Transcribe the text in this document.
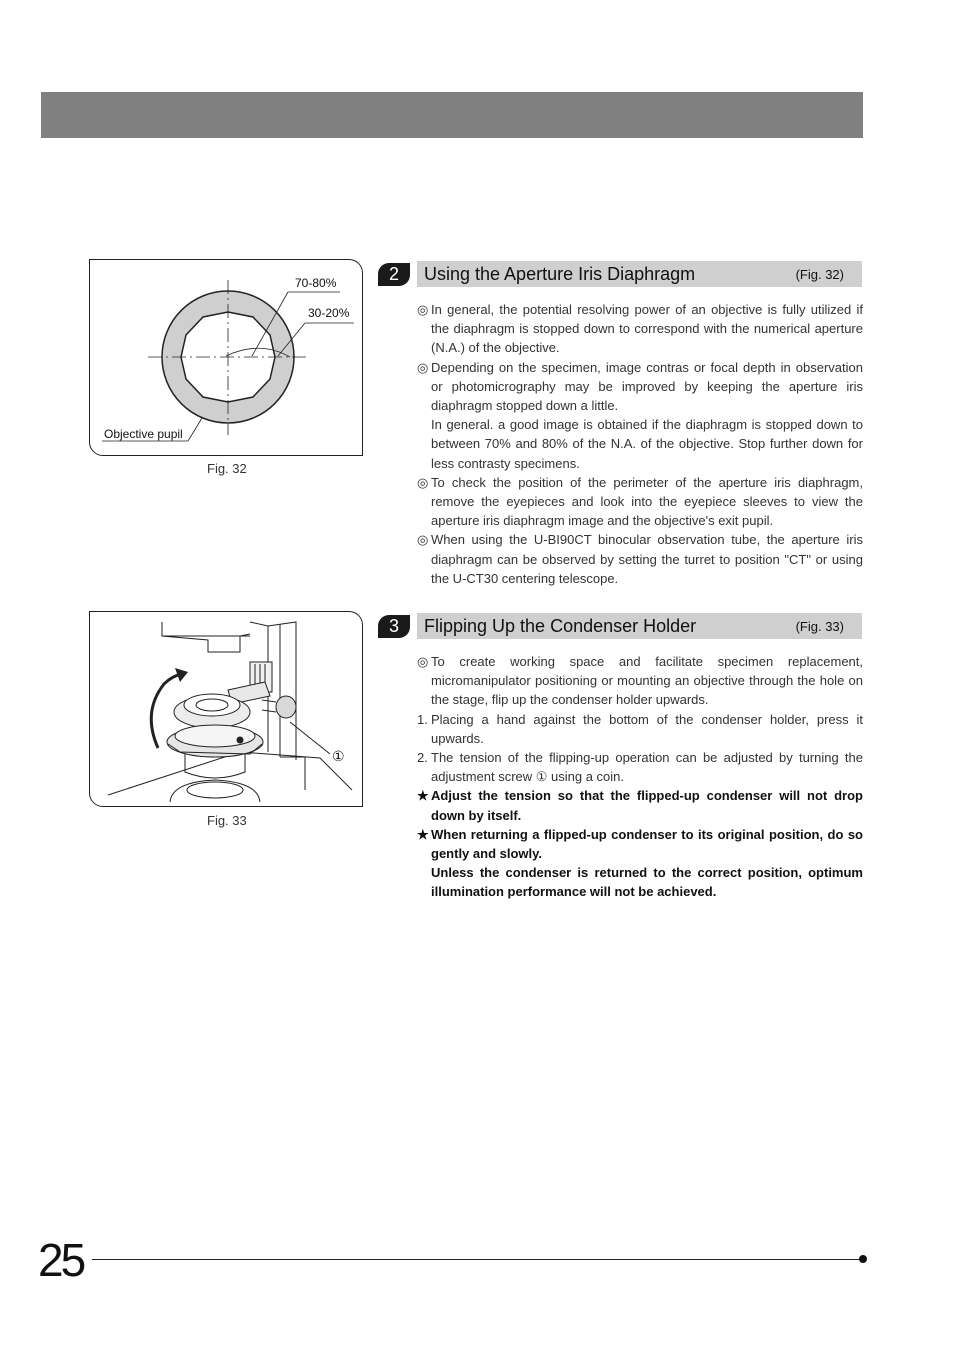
70-80%
30-20%
Objective pupil
Fig. 32
①
Fig. 33
2	Using the Aperture Iris Diaphragm	(Fig. 32)
◎ In general, the potential resolving power of an objective is fully utilized if the diaphragm is stopped down to correspond with the numerical aperture (N.A.) of the objective.
◎ Depending on the specimen, image contras or focal depth in observation or photomicrography may be improved by keeping the aperture iris diaphragm stopped down a little.
In general. a good image is obtained if the diaphragm is stopped down to between 70% and 80% of the N.A. of the objective. Stop further down for less contrasty specimens.
◎ To check the position of the perimeter of the aperture iris diaphragm, remove the eyepieces and look into the eyepiece sleeves to view the aperture iris diaphragm image and the objective's exit pupil.
◎ When using the U-BI90CT binocular observation tube, the aperture iris diaphragm can be observed by setting the turret to position "CT" or using the U-CT30 centering telescope.
3	Flipping Up the Condenser Holder	(Fig. 33)
◎ To create working space and facilitate specimen replacement, micromanipulator positioning or mounting an objective through the hole on the stage, flip up the condenser holder upwards.
1. Placing a hand against the bottom of the condenser holder, press it upwards.
2. The tension of the flipping-up operation can be adjusted by turning the adjustment screw ① using a coin.
★ Adjust the tension so that the flipped-up condenser will not drop down by itself.
★ When returning a flipped-up condenser to its original position, do so gently and slowly.
Unless the condenser is returned to the correct position, optimum illumination performance will not be achieved.
25
